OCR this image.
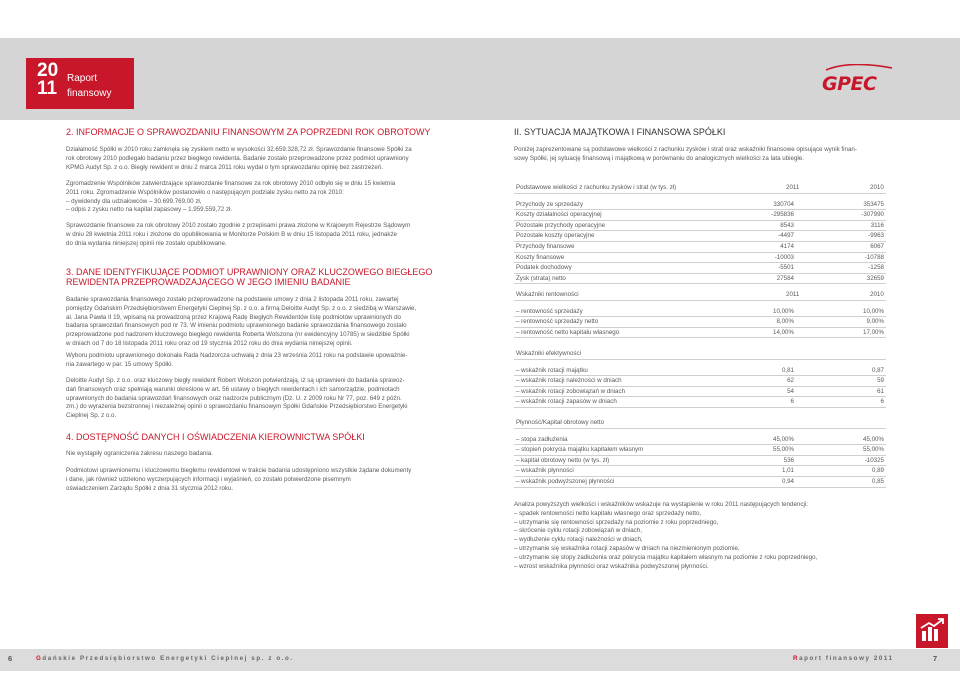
20
11 Raport
finansowy	GPEC
2. INFORMACJE O SPRAWOZDANIU FINANSOWYM ZA POPRZEDNI ROK OBROTOWY
Działalność Spółki w 2010 roku zamknęła się zyskiem netto w wysokości 32.659.328,72 zł. Sprawozdanie finansowe Spółki za
rok obrotowy 2010 podlegało badaniu przez biegłego rewidenta. Badanie zostało przeprowadzone przez podmiot uprawniony
KPMG Audyt Sp. z o.o. Biegły rewident w dniu 2 marca 2011 roku wydał o tym sprawozdaniu opinię bez zastrzeżeń.
Zgromadzenie Wspólników zatwierdzające sprawozdanie finansowe za rok obrotowy 2010 odbyło się w dniu 15 kwietnia
2011 roku. Zgromadzenie Wspólników postanowiło o następującym podziale zysku netto za rok 2010:
– dywidendy dla udziałowców – 30.699.769,00 zł,
– odpis z zysku netto na kapitał zapasowy – 1.959.559,72 zł.
Sprawozdanie finansowe za rok obrotowy 2010 zostało zgodnie z przepisami prawa złożone w Krajowym Rejestrze Sądowym
w dniu 28 kwietnia 2011 roku i złożone do opublikowania w Monitorze Polskim B w dniu 15 listopada 2011 roku, jednakże
do dnia wydania niniejszej opinii nie zostało opublikowane.
3. DANE IDENTYFIKUJĄCE PODMIOT UPRAWNIONY ORAZ KLUCZOWEGO BIEGŁEGO
REWIDENTA PRZEPROWADZAJĄCEGO W JEGO IMIENIU BADANIE
Badanie sprawozdania finansowego zostało przeprowadzone na podstawie umowy z dnia 2 listopada 2011 roku, zawartej
pomiędzy Gdańskim Przedsiębiorstwem Energetyki Cieplnej Sp. z o.o. a firmą Deloitte Audyt Sp. z o.o. z siedzibą w Warszawie,
al. Jana Pawła II 19, wpisaną na prowadzoną przez Krajową Radę Biegłych Rewidentów listę podmiotów uprawnionych do
badania sprawozdań finansowych pod nr 73. W imieniu podmiotu uprawnionego badanie sprawozdania finansowego zostało
przeprowadzone pod nadzorem kluczowego biegłego rewidenta Roberta Wolszona (nr ewidencyjny 10785) w siedzibie Spółki
w dniach od 7 do 18 listopada 2011 roku oraz od 19 stycznia 2012 roku do dnia wydania niniejszej opinii.
Wyboru podmiotu uprawnionego dokonała Rada Nadzorcza uchwałą z dnia 23 września 2011 roku na podstawie upoważnie-
nia zawartego w par. 15 umowy Spółki.
Deloitte Audyt Sp. z o.o. oraz kluczowy biegły rewident Robert Wolszon potwierdzają, iż są uprawnieni do badania sprawoz-
dań finansowych oraz spełniają warunki określone w art. 56 ustawy o biegłych rewidentach i ich samorządzie, podmiotach
uprawnionych do badania sprawozdań finansowych oraz nadzorze publicznym (Dz. U. z 2009 roku Nr 77, poz. 649 z późn.
zm.) do wyrażenia bezstronnej i niezależnej opinii o sprawozdaniu finansowym Spółki Gdańskie Przedsiębiorstwo Energetyki
Cieplnej Sp. z o.o.
4. DOSTĘPNOŚĆ DANYCH I OŚWIADCZENIA KIEROWNICTWA SPÓŁKI
Nie wystąpiły ograniczenia zakresu naszego badania.
Podmiotowi uprawnionemu i kluczowemu biegłemu rewidentowi w trakcie badania udostępniono wszystkie żądane dokumenty
i dane, jak również udzielono wyczerpujących informacji i wyjaśnień, co zostało potwierdzone pisemnym
oświadczeniem Zarządu Spółki z dnia 31 stycznia 2012 roku.
II. SYTUACJA MAJĄTKOWA I FINANSOWA SPÓŁKI
Poniżej zaprezentowane są podstawowe wielkości z rachunku zysków i strat oraz wskaźniki finansowe opisujące wynik finan-
sowy Spółki, jej sytuację finansową i majątkową w porównaniu do analogicznych wielkości za lata ubiegłe.
Podstawowe wielkości z rachunku zysków i strat (w tys. zł)	2011	2010
Przychody ze sprzedaży	330704	353475
Koszty działalności operacyjnej	-295836	-307990
Pozostałe przychody operacyjne	8543	3116
Pozostałe koszty operacyjne	-4497	-9963
Przychody finansowe	4174	6067
Koszty finansowe	-10003	-10788
Podatek dochodowy	-5501	-1258
Zysk (strata) netto	27584	32659
Wskaźniki rentowności	2011	2010
– rentowność sprzedaży	10,00%	10,00%
– rentowność sprzedaży netto	8,00%	9,00%
– rentowność netto kapitału własnego	14,00%	17,00%
Wskaźniki efektywności
– wskaźnik rotacji majątku	0,81	0,87
– wskaźnik rotacji należności w dniach	62	59
– wskaźnik rotacji zobowiązań w dniach	54	61
– wskaźnik rotacji zapasów w dniach	6	6
Płynność/Kapitał obrotowy netto
– stopa zadłużenia	45,00%	45,00%
– stopień pokrycia majątku kapitałem własnym	55,00%	55,00%
– kapitał obrotowy netto (w tys. zł)	536	-10325
– wskaźnik płynności	1,01	0,89
– wskaźnik podwyższonej płynności	0,94	0,85
Analiza powyższych wielkości i wskaźników wskazuje na wystąpienie w roku 2011 następujących tendencji:
– spadek rentowności netto kapitału własnego oraz sprzedaży netto,
– utrzymanie się rentowności sprzedaży na poziomie z roku poprzedniego,
– skrócenie cyklu rotacji zobowiązań w dniach,
– wydłużenie cyklu rotacji należności w dniach,
– utrzymanie się wskaźnika rotacji zapasów w dniach na niezmienionym poziomie,
– utrzymanie się stopy zadłużenia oraz pokrycia majątku kapitałem własnym na poziomie z roku poprzedniego,
– wzrost wskaźnika płynności oraz wskaźnika podwyższonej płynności.
6	Gdańskie Przedsiębiorstwo Energetyki Cieplnej sp. z o.o.	Raport finansowy 2011	7
